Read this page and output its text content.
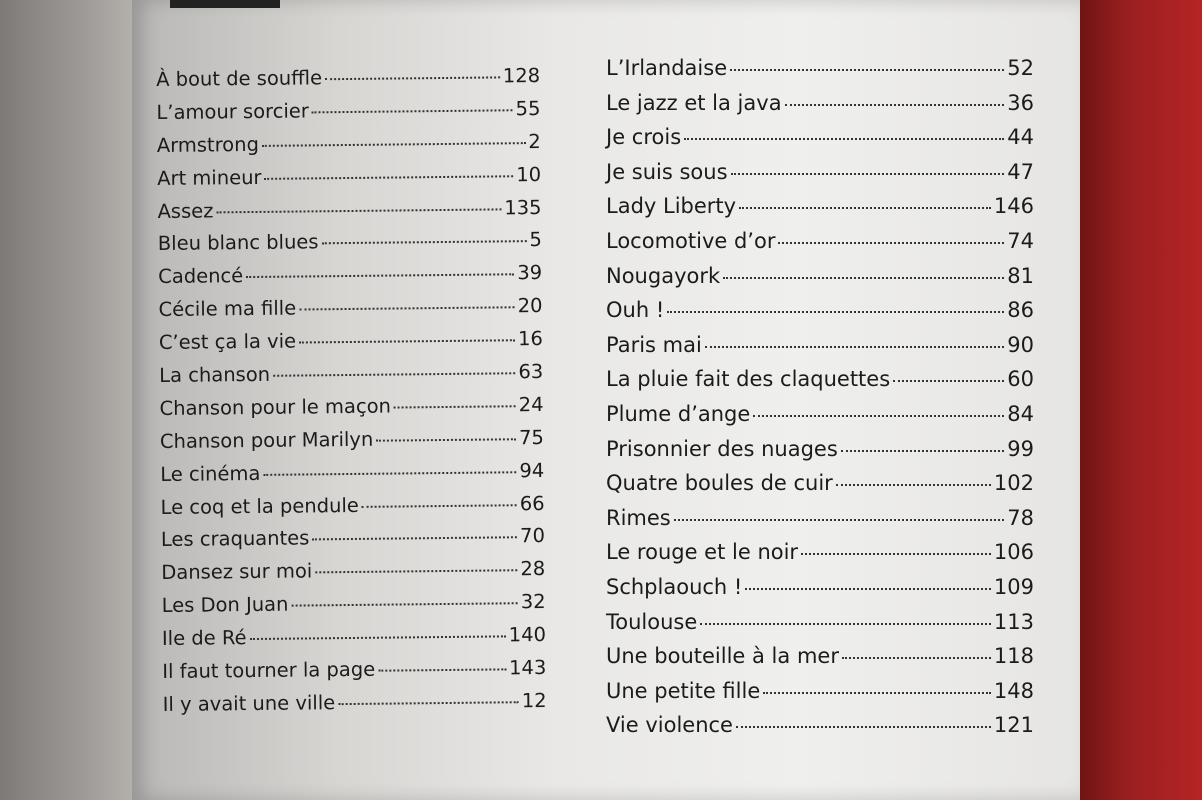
À bout de souffle	128
L’amour sorcier	55
Armstrong	2
Art mineur	10
Assez	135
Bleu blanc blues	5
Cadencé	39
Cécile ma fille	20
C’est ça la vie	16
La chanson	63
Chanson pour le maçon	24
Chanson pour Marilyn	75
Le cinéma	94
Le coq et la pendule	66
Les craquantes	70
Dansez sur moi	28
Les Don Juan	32
Ile de Ré	140
Il faut tourner la page	143
Il y avait une ville	12
L’Irlandaise	52
Le jazz et la java	36
Je crois	44
Je suis sous	47
Lady Liberty	146
Locomotive d’or	74
Nougayork	81
Ouh !	86
Paris mai	90
La pluie fait des claquettes	60
Plume d’ange	84
Prisonnier des nuages	99
Quatre boules de cuir	102
Rimes	78
Le rouge et le noir	106
Schplaouch !	109
Toulouse	113
Une bouteille à la mer	118
Une petite fille	148
Vie violence	121
